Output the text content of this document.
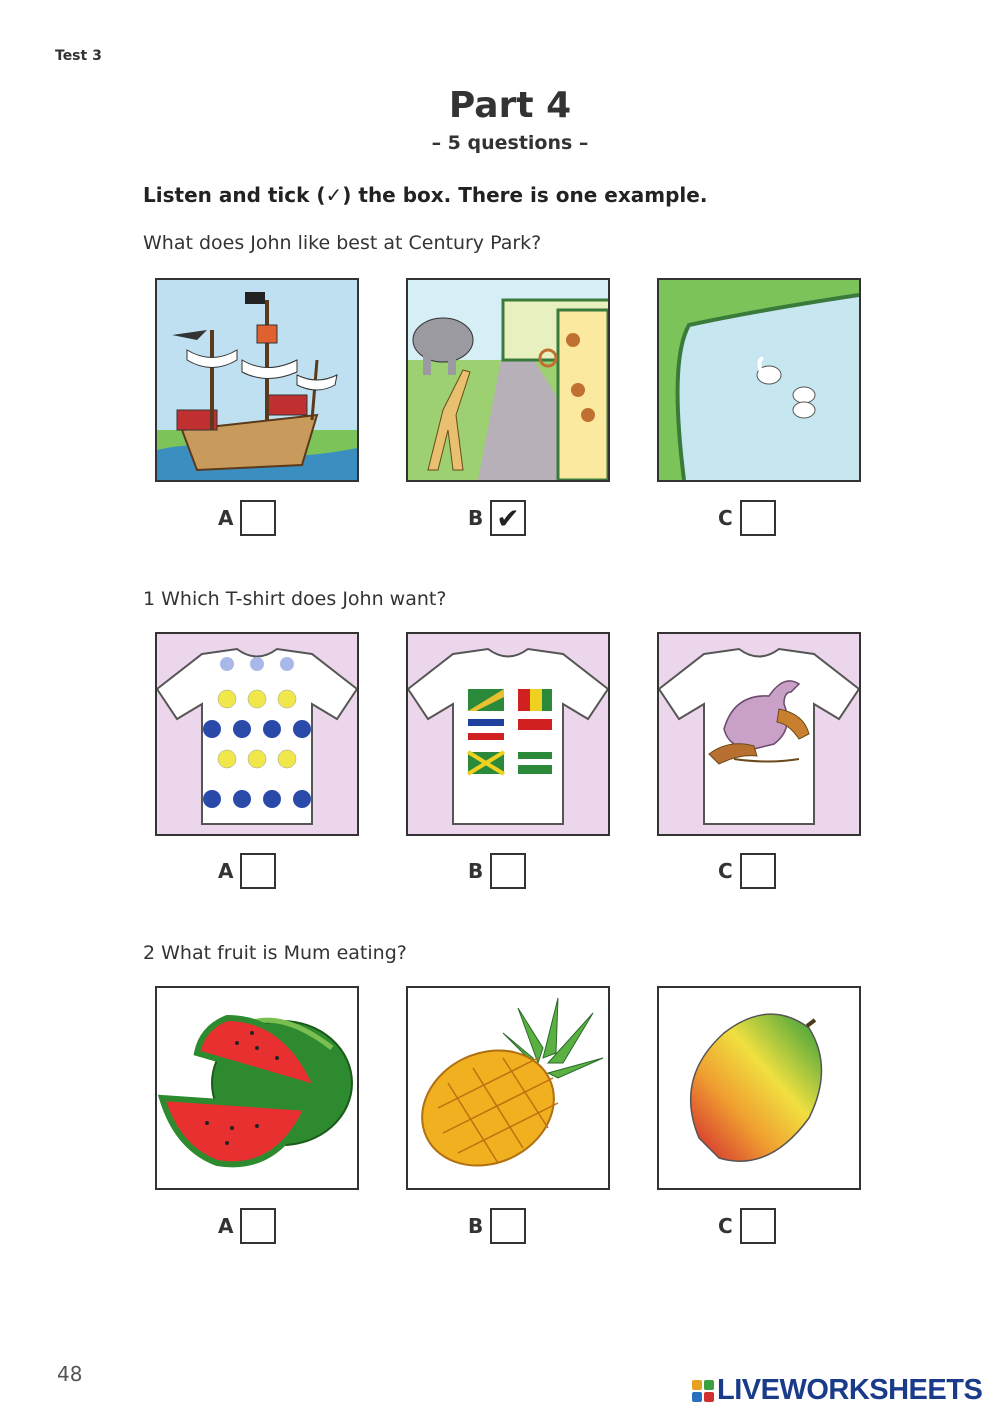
Test 3
Part 4
– 5 questions –
Listen and tick (✓) the box. There is one example.
What does John like best at Century Park?
A	B ✔	C
1 Which T-shirt does John want?
A	B	C
2 What fruit is Mum eating?
A	B	C
48	LIVEWORKSHEETS
